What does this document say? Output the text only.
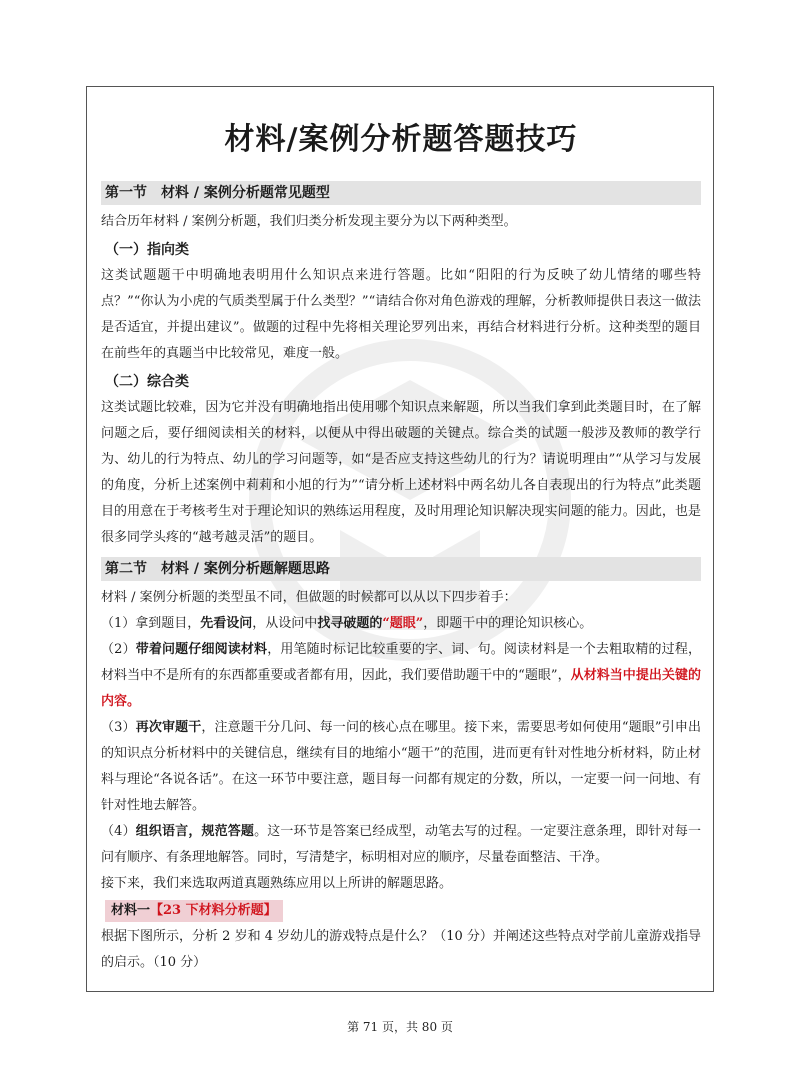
材料/案例分析题答题技巧
第一节　材料 / 案例分析题常见题型

结合历年材料 / 案例分析题，我们归类分析发现主要分为以下两种类型。

（一）指向类

这类试题题干中明确地表明用什么知识点来进行答题。比如“阳阳的行为反映了幼儿情绪的哪些特点？”“你认为小虎的气质类型属于什么类型？”“请结合你对角色游戏的理解，分析教师提供日表这一做法是否适宜，并提出建议”。做题的过程中先将相关理论罗列出来，再结合材料进行分析。这种类型的题目在前些年的真题当中比较常见，难度一般。

（二）综合类

这类试题比较难，因为它并没有明确地指出使用哪个知识点来解题，所以当我们拿到此类题目时，在了解问题之后，要仔细阅读相关的材料，以便从中得出破题的关键点。综合类的试题一般涉及教师的教学行为、幼儿的行为特点、幼儿的学习问题等，如“是否应支持这些幼儿的行为？请说明理由”“从学习与发展的角度，分析上述案例中莉莉和小旭的行为”“请分析上述材料中两名幼儿各自表现出的行为特点”此类题目的用意在于考核考生对于理论知识的熟练运用程度，及时用理论知识解决现实问题的能力。因此，也是很多同学头疼的“越考越灵活”的题目。

第二节　材料 / 案例分析题解题思路

材料 / 案例分析题的类型虽不同，但做题的时候都可以从以下四步着手：

（1）拿到题目，先看设问，从设问中找寻破题的“题眼”，即题干中的理论知识核心。

（2）带着问题仔细阅读材料，用笔随时标记比较重要的字、词、句。阅读材料是一个去粗取精的过程，材料当中不是所有的东西都重要或者都有用，因此，我们要借助题干中的“题眼”，从材料当中提出关键的内容。

（3）再次审题干，注意题干分几问、每一问的核心点在哪里。接下来，需要思考如何使用“题眼”引申出的知识点分析材料中的关键信息，继续有目的地缩小“题干”的范围，进而更有针对性地分析材料，防止材料与理论“各说各话”。在这一环节中要注意，题目每一问都有规定的分数，所以，一定要一问一问地、有针对性地去解答。

（4）组织语言，规范答题。这一环节是答案已经成型，动笔去写的过程。一定要注意条理，即针对每一问有顺序、有条理地解答。同时，写清楚字，标明相对应的顺序，尽量卷面整洁、干净。

接下来，我们来选取两道真题熟练应用以上所讲的解题思路。

材料一【23 下材料分析题】

根据下图所示，分析 2 岁和 4 岁幼儿的游戏特点是什么？（10 分）并阐述这些特点对学前儿童游戏指导的启示。（10 分）

第 71 页，共 80 页
